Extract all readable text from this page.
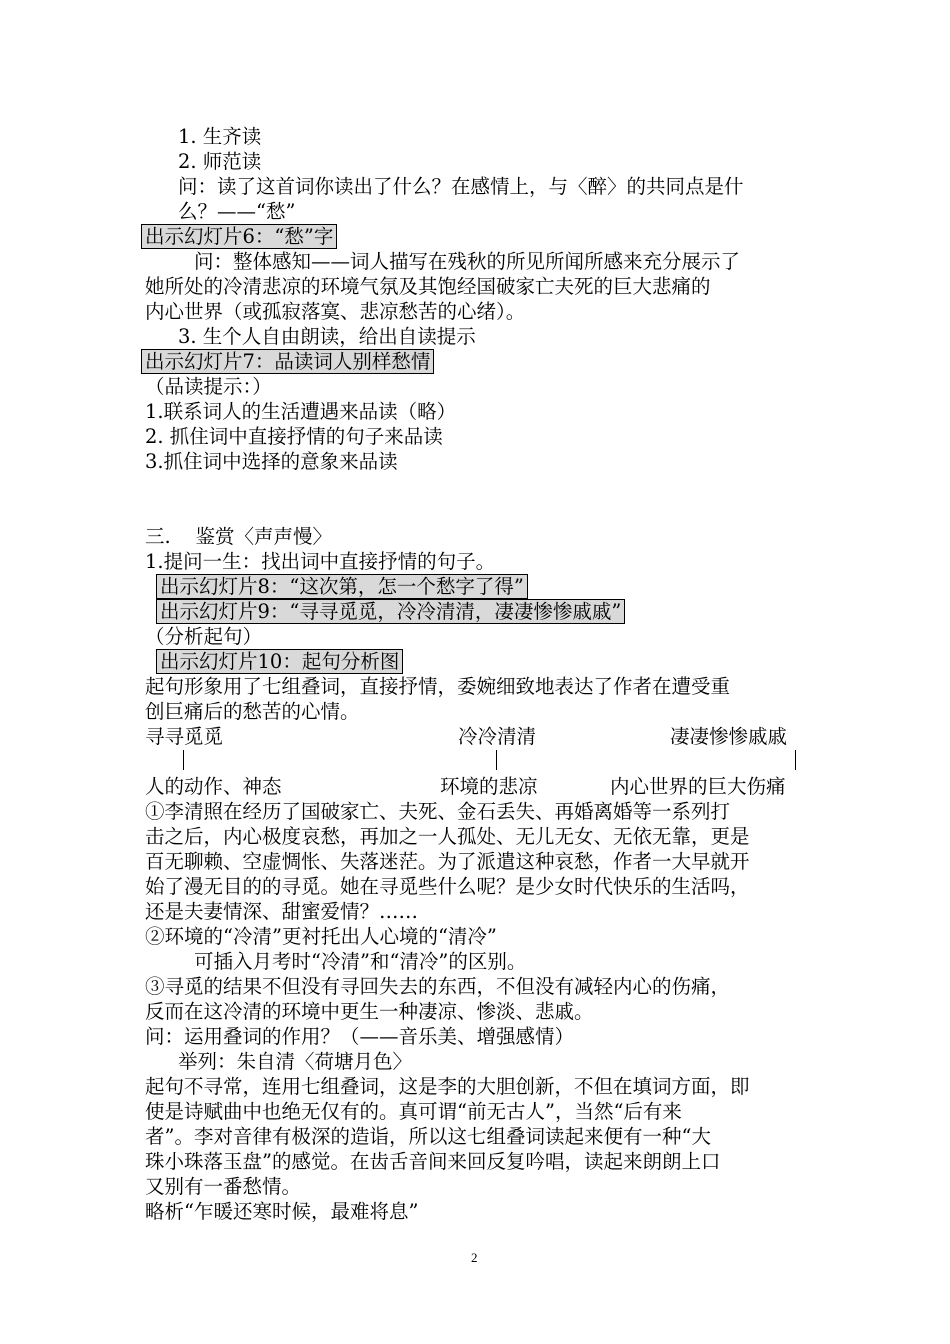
1. 生齐读
2. 师范读
问：读了这首词你读出了什么？在感情上，与〈醉〉的共同点是什
么？——“愁”
出示幻灯片6：“愁”字
问：整体感知——词人描写在残秋的所见所闻所感来充分展示了
她所处的冷清悲凉的环境气氛及其饱经国破家亡夫死的巨大悲痛的
内心世界（或孤寂落寞、悲凉愁苦的心绪）。
3. 生个人自由朗读，给出自读提示
出示幻灯片7：品读词人别样愁情
（品读提示：）
1.联系词人的生活遭遇来品读（略）
2. 抓住词中直接抒情的句子来品读
3.抓住词中选择的意象来品读
三.    鉴赏〈声声慢〉
1.提问一生：找出词中直接抒情的句子。
出示幻灯片8：“这次第，怎一个愁字了得”
出示幻灯片9：“寻寻觅觅，冷冷清清，凄凄惨惨戚戚”
（分析起句）
出示幻灯片10：起句分析图
起句形象用了七组叠词，直接抒情，委婉细致地表达了作者在遭受重
创巨痛后的愁苦的心情。
寻寻觅觅	冷冷清清	凄凄惨惨戚戚
人的动作、神态	环境的悲凉	内心世界的巨大伤痛
①李清照在经历了国破家亡、夫死、金石丢失、再婚离婚等一系列打
击之后，内心极度哀愁，再加之一人孤处、无儿无女、无依无靠，更是
百无聊赖、空虚惆怅、失落迷茫。为了派遣这种哀愁，作者一大早就开
始了漫无目的的寻觅。她在寻觅些什么呢？是少女时代快乐的生活吗，
还是夫妻情深、甜蜜爱情？……
②环境的“冷清”更衬托出人心境的“清冷”
可插入月考时“冷清”和“清冷”的区别。
③寻觅的结果不但没有寻回失去的东西，不但没有减轻内心的伤痛，
反而在这冷清的环境中更生一种凄凉、惨淡、悲戚。
问：运用叠词的作用？（——音乐美、增强感情）
举列：朱自清〈荷塘月色〉
起句不寻常，连用七组叠词，这是李的大胆创新，不但在填词方面，即
使是诗赋曲中也绝无仅有的。真可谓“前无古人”，当然“后有来
者”。李对音律有极深的造诣，所以这七组叠词读起来便有一种“大
珠小珠落玉盘”的感觉。在齿舌音间来回反复吟唱，读起来朗朗上口
又别有一番愁情。
略析“乍暖还寒时候，最难将息”
2
